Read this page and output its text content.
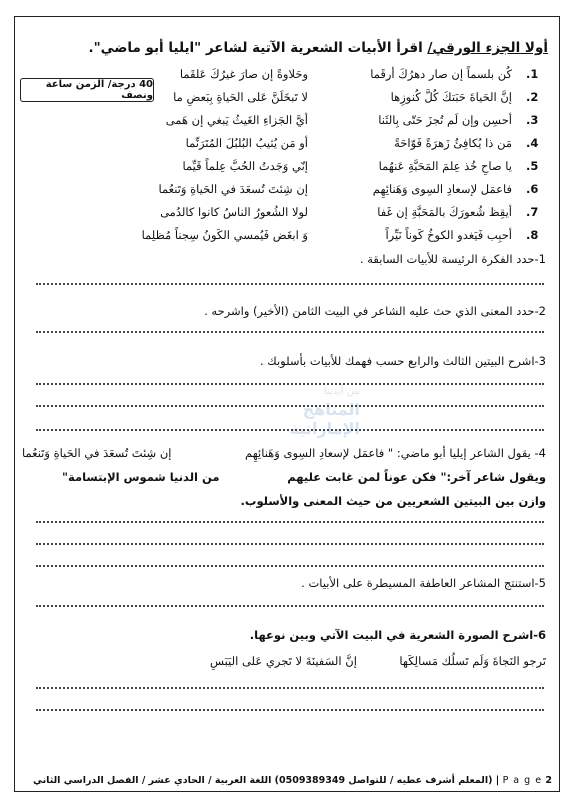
أولا الجزء الورقي/ اقرأ الأبيات الشعرية الآتية لشاعر "ايليا أبو ماضي".
40 درجة/ الزمن ساعة ونصف
1.
كُن بلسماً إن صار دهرُكَ أرقَما
وحَلاوةً إن صارَ غيرُكَ عَلقَما
2.
إنَّ الحَياةَ حَبَتكَ كُلَّ كُنوزِها
لا تَبخَلَنَّ عَلى الحَياةِ بِبَعضِ ما
3.
أحسِن وإن لَم تُجزَ حَتّى بِالثَنا
أيَّ الجَزاءِ الغَيثُ يَبغي إن هَمى
4.
مَن ذا يُكافِئُ زَهرَةً فَوّاحَةً
أو مَن يُثيبُ البُلبُلَ المُتَرَنِّما
5.
يا صاحِ خُذ عِلمَ المَحَبَّةِ عَنهُما
إنّي وَجَدتُ الحُبَّ عِلماً قَيِّما
6.
فاعمَل لإسعادِ السِوى وَهَنائِهِم
إن شِئتَ تُسعَدَ في الحَياةِ وَتَنعُما
7.
أيقِظ شُعورَكَ بالمَحَبَّةِ إن غَفا
لولا الشُعورُ الناسُ كانوا كالدُمى
8.
أحبِب فَيَغدو الكوخُ كَوناً نَيِّراً
وَ ابغَض فَيُمسي الكَونُ سِجناً مُظلِما
1-حدد الفكرة الرئيسة للأبيات السابقة .
2-حدد المعنى الذي حث عليه الشاعر في البيت الثامن (الأخير) واشرحه .
3-اشرح البيتين الثالث والرابع حسب فهمك للأبيات بأسلوبك .
بين أيدينا
المناهج الإماراتية
4- يقول الشاعر إيليا أبو ماضي: " فاعمَل لإسعادِ السِوى وَهَنائِهِم
إن شِئتَ تُسعَدَ في الحَياةِ وَتَنعُما
ويقول شاعر آخر:" فكن عوناً لمن غابت عليهم
من الدنيا شموس الإبتسامة"
وازن بين البيتين الشعريين من حيث المعنى والأسلوب.
5-استنتج المشاعر العاطفة المسيطرة على الأبيات .
6-اشرح الصورة الشعرية في البيت الآتي وبين نوعها.
تَرجو النَجاةَ وَلَم تَسلُك مَسالِكَها
إنَّ السَفينَةَ لا تَجري عَلى اليَبَسِ
2 P a g e | (المعلم أشرف عطيه / للتواصل 0509389349) اللغة العربية / الحادي عشر / الفصل الدراسي الثاني
